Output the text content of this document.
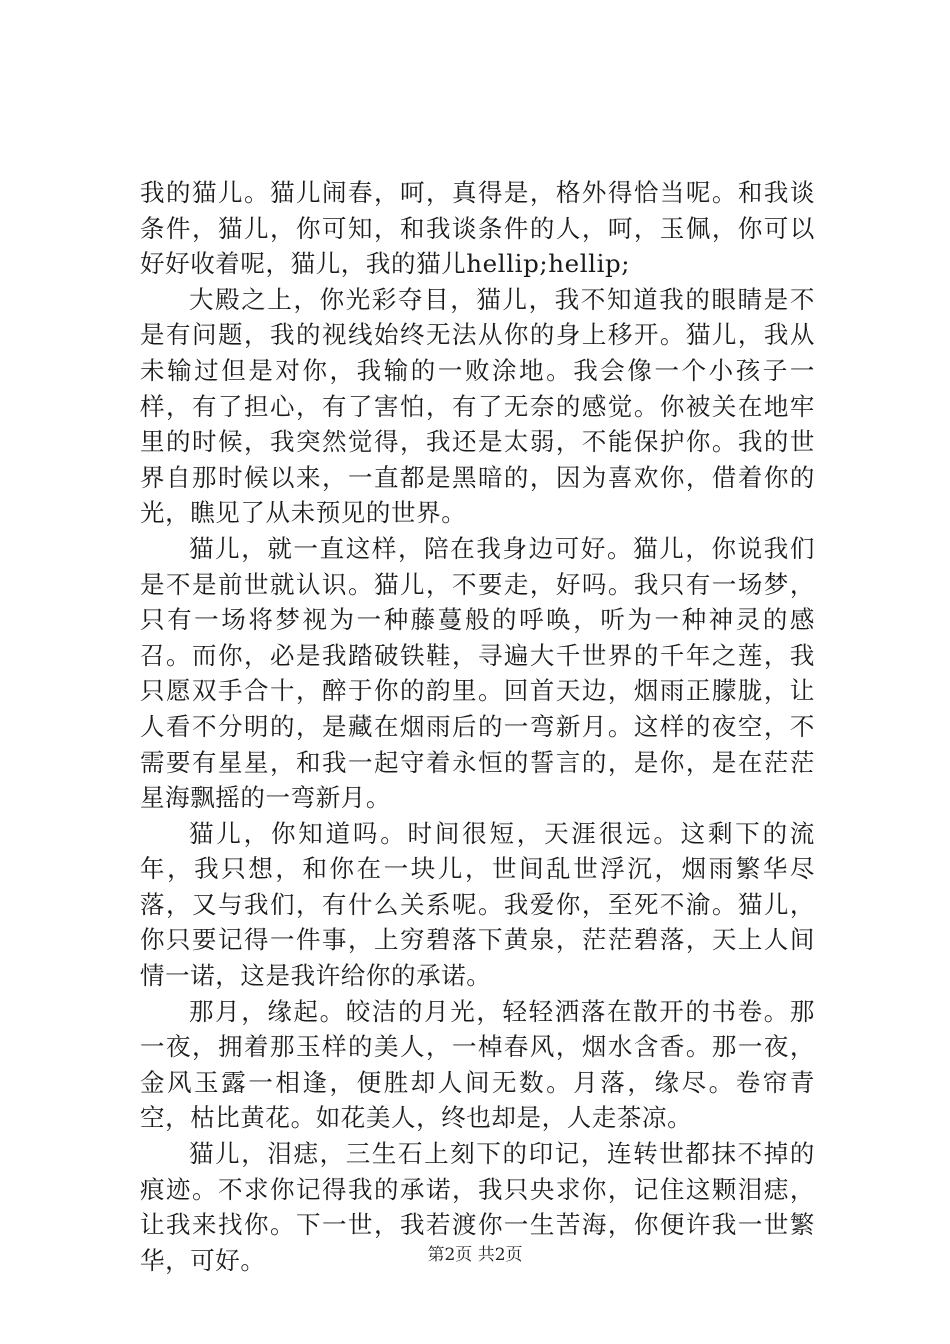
我的猫儿。猫儿闹春，呵，真得是，格外得恰当呢。和我谈条件，猫儿，你可知，和我谈条件的人，呵，玉佩，你可以好好收着呢，猫儿，我的猫儿hellip;hellip;

大殿之上，你光彩夺目，猫儿，我不知道我的眼睛是不是有问题，我的视线始终无法从你的身上移开。猫儿，我从未输过但是对你，我输的一败涂地。我会像一个小孩子一样，有了担心，有了害怕，有了无奈的感觉。你被关在地牢里的时候，我突然觉得，我还是太弱，不能保护你。我的世界自那时候以来，一直都是黑暗的，因为喜欢你，借着你的光，瞧见了从未预见的世界。

猫儿，就一直这样，陪在我身边可好。猫儿，你说我们是不是前世就认识。猫儿，不要走，好吗。我只有一场梦，只有一场将梦视为一种藤蔓般的呼唤，听为一种神灵的感召。而你，必是我踏破铁鞋，寻遍大千世界的千年之莲，我只愿双手合十，醉于你的韵里。回首天边，烟雨正朦胧，让人看不分明的，是藏在烟雨后的一弯新月。这样的夜空，不需要有星星，和我一起守着永恒的誓言的，是你，是在茫茫星海飘摇的一弯新月。

猫儿，你知道吗。时间很短，天涯很远。这剩下的流年，我只想，和你在一块儿，世间乱世浮沉，烟雨繁华尽落，又与我们，有什么关系呢。我爱你，至死不渝。猫儿，你只要记得一件事，上穷碧落下黄泉，茫茫碧落，天上人间情一诺，这是我许给你的承诺。

那月，缘起。皎洁的月光，轻轻洒落在散开的书卷。那一夜，拥着那玉样的美人，一棹春风，烟水含香。那一夜，金风玉露一相逢，便胜却人间无数。月落，缘尽。卷帘青空，枯比黄花。如花美人，终也却是，人走茶凉。

猫儿，泪痣，三生石上刻下的印记，连转世都抹不掉的痕迹。不求你记得我的承诺，我只央求你，记住这颗泪痣，让我来找你。下一世，我若渡你一生苦海，你便许我一世繁华，可好。	第2页 共2页
